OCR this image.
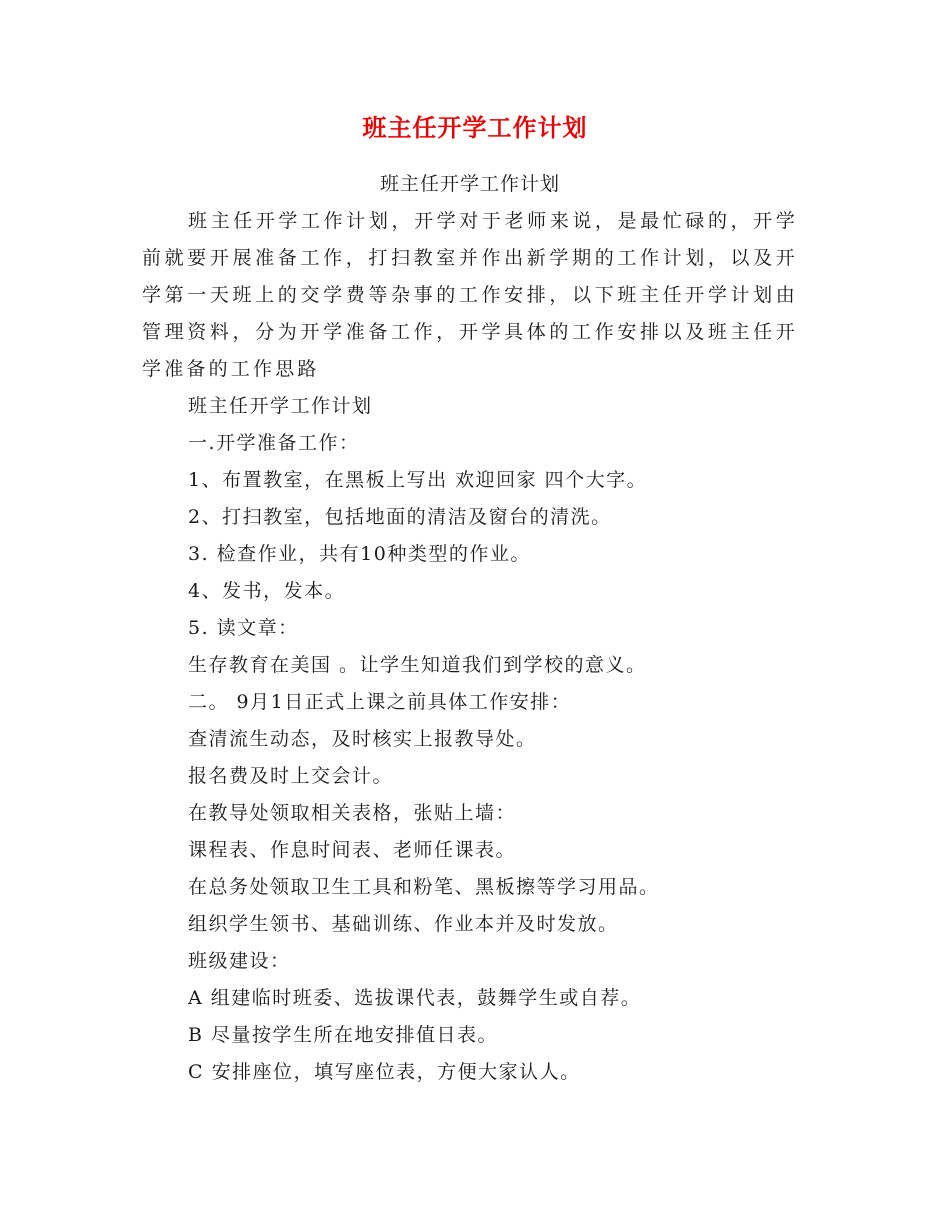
班主任开学工作计划
班主任开学工作计划

班主任开学工作计划，开学对于老师来说，是最忙碌的，开学前就要开展准备工作，打扫教室并作出新学期的工作计划，以及开学第一天班上的交学费等杂事的工作安排，以下班主任开学计划由管理资料，分为开学准备工作，开学具体的工作安排以及班主任开学准备的工作思路

班主任开学工作计划
一.开学准备工作：
1、布置教室，在黑板上写出 欢迎回家 四个大字。
2、打扫教室，包括地面的清洁及窗台的清洗。
3. 检查作业，共有10种类型的作业。
4、发书，发本。
5. 读文章：
生存教育在美国 。让学生知道我们到学校的意义。
二。 9月1日正式上课之前具体工作安排：
查清流生动态，及时核实上报教导处。
报名费及时上交会计。
在教导处领取相关表格，张贴上墙：
课程表、作息时间表、老师任课表。
在总务处领取卫生工具和粉笔、黑板擦等学习用品。
组织学生领书、基础训练、作业本并及时发放。
班级建设：
A 组建临时班委、选拔课代表，鼓舞学生或自荐。
B 尽量按学生所在地安排值日表。
C 安排座位，填写座位表，方便大家认人。
